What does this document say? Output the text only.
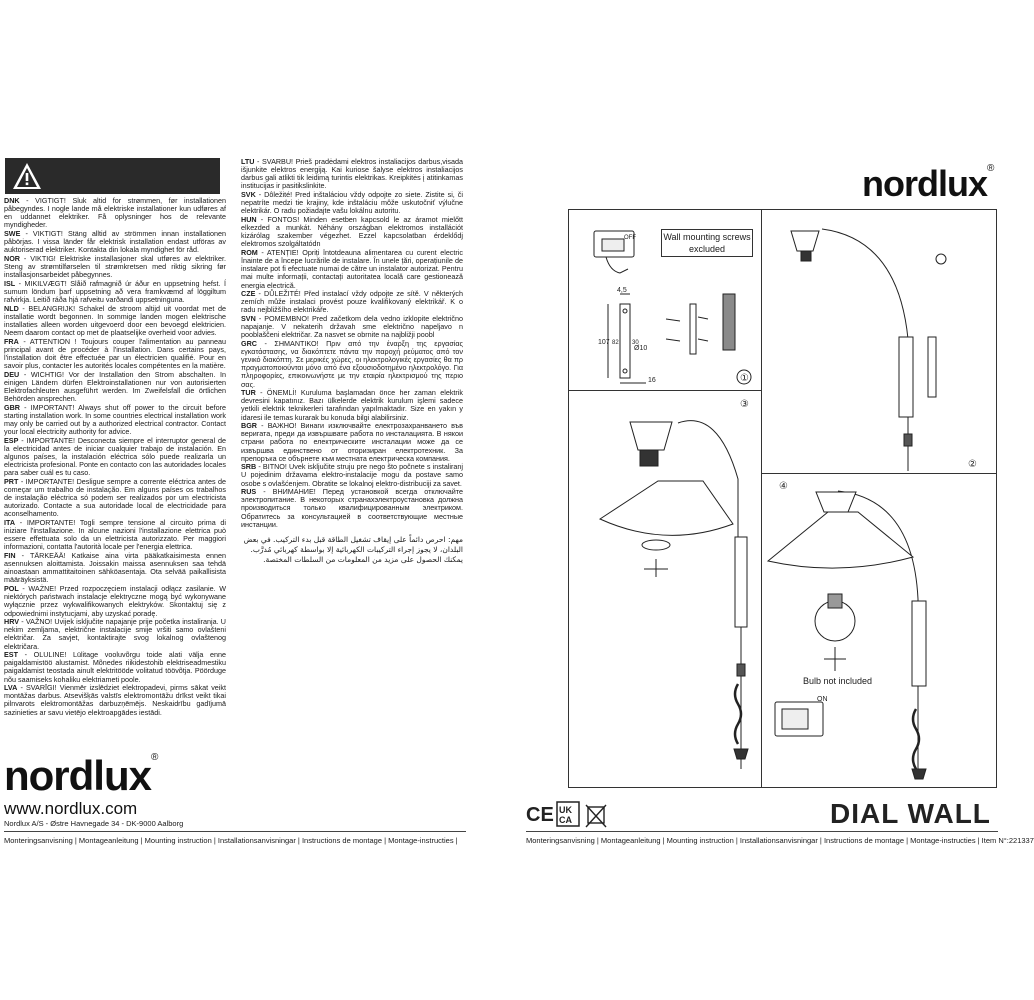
DNK - VIGTIGT! Sluk altid for strømmen, før installationen påbegyndes. I nogle lande må elektriske installationer kun udføres af en uddannet elektriker. Få oplysninger hos de relevante myndigheder.

SWE - VIKTIGT! Stäng alltid av strömmen innan installationen påbörjas. I vissa länder får elektrisk installation endast utföras av auktoriserad elektriker. Kontakta din lokala myndighet för råd.

NOR - VIKTIG! Elektriske installasjoner skal utføres av elektriker. Steng av strømtilførselen til strømkretsen med riktig sikring før installasjonsarbeidet påbegynnes.

ISL - MIKILVÆGT! Slåið rafmagnið úr áður en uppsetning hefst. Í sumum löndum þarf uppsetning að vera framkvæmd af löggiltum rafvirkja. Leitið ráða hjá rafveitu varðandi uppsetninguna.

NLD - BELANGRIJK! Schakel de stroom altijd uit voordat met de installatie wordt begonnen. In sommige landen mogen elektrische installaties alleen worden uitgevoerd door een bevoegd elektricien. Neem daarom contact op met de plaatselijke overheid voor advies.

FRA - ATTENTION ! Toujours couper l'alimentation au panneau principal avant de procéder à l'installation. Dans certains pays, l'installation doit être effectuée par un électricien qualifié. Pour en savoir plus, contacter les autorités locales compétentes en la matière.

DEU - WICHTIG! Vor der Installation den Strom abschalten. In einigen Ländern dürfen Elektroinstallationen nur von autorisierten Elektrofachleuten ausgeführt werden. Im Zweifelsfall die örtlichen Behörden ansprechen.

GBR - IMPORTANT! Always shut off power to the circuit before starting installation work. In some countries electrical installation work may only be carried out by a authorized electrical contractor. Contact your local electricity authority for advice.

ESP - IMPORTANTE! Desconecta siempre el interruptor general de la electricidad antes de iniciar cualquier trabajo de instalación. En algunos países, la instalación eléctrica sólo puede realizarla un electricista profesional. Ponte en contacto con las autoridades locales para saber cuál es tu caso.

PRT - IMPORTANTE! Desligue sempre a corrente eléctrica antes de começar um trabalho de instalação. Em alguns países os trabalhos de instalação eléctrica só podem ser realizados por um electricista autorizado. Contacte a sua autoridade local de electricidade para aconselhamento.

ITA - IMPORTANTE! Togli sempre tensione al circuito prima di iniziare l'installazione. In alcune nazioni l'installazione elettrica può essere effettuata solo da un elettricista autorizzato. Per maggiori informazioni, contatta l'autorità locale per l'energia elettrica.

FIN - TÄRKEÄÄ! Katkaise aina virta pääkatkaisimesta ennen asennuksen aloittamista. Joissakin maissa asennuksen saa tehdä ainoastaan ammattitaitoinen sähköasentaja. Ota selvää paikallisista määräyksistä.

POL - WAŻNE! Przed rozpoczęciem instalacji odłącz zasilanie. W niektórych państwach instalacje elektryczne mogą być wykonywane wyłącznie przez wykwalifikowanych elektryków. Skontaktuj się z odpowiednimi instytucjami, aby uzyskać poradę.

HRV - VAŽNO! Uvijek isključite napajanje prije početka instaliranja. U nekim zemljama, električne instalacije smije vršiti samo ovlašteni električar. Za savjet, kontaktirajte svog lokalnog ovlaštenog električara.

EST - OLULINE! Lülitage vooluvõrgu toide alati välja enne paigaldamistöö alustamist. Mõnedes riikidestohib elektriseadmestiku paigaldamist teostada ainult elektritööde volitatud töövõtja. Pöörduge nõu saamiseks kohaliku elektriameti poole.

LVA - SVARĪGI! Vienmēr izslēdziet elektropadevi, pirms sākat veikt montāžas darbus. Atsevišķās valstīs elektromontāžu drīkst veikt tikai pilnvarots elektromontāžas darbuzņēmējs. Neskaidrību gadījumā sazinieties ar savu vietējo elektroapgādes iestādi.

LTU - SVARBU! Prieš pradėdami elektros instaliacijos darbus,visada išjunkite elektros energiją. Kai kuriose šalyse elektros instaliacijos darbus gali atlikti tik leidimą turintis elektrikas. Kreipkitės į atitinkamas institucijas ir pasitikslinkite.

SVK - Dôležité! Pred inštaláciou vždy odpojte zo siete. Zistite si, či nepatríte medzi tie krajiny, kde inštaláciu môže uskutočniť výlučne elektrikár. O radu požiadajte vašu lokálnu autoritu.

HUN - FONTOS! Minden esetben kapcsold le az áramot mielőtt elkezded a munkát. Néhány országban elektromos installációt kizárólag szakember végezhet. Ezzel kapcsolatban érdeklődj elektromos szolgáltatódn

ROM - ATENȚIE! Opriți întotdeauna alimentarea cu curent electric înainte de a începe lucrările de instalare. În unele țări, operațiunile de instalare pot fi efectuate numai de către un instalator autorizat. Pentru mai multe informații, contactați autoritatea locală care gestionează energia electrică.

CZE - DŮLEŽITÉ! Před instalací vždy odpojte ze sítě. V některých zemích může instalaci provést pouze kvalifikovaný elektrikář. K o radu nejbližšího elektrikáře.

SVN - POMEMBNO! Pred začetkom dela vedno izklopite električno napajanje. V nekaterih državah sme električno napeljavo n pooblaščeni električar. Za nasvet se obrnite na najbližji poobl

GRC - ΣΗΜΑΝΤΙΚΟ! Πριν από την έναρξη της εργασίας εγκατάστασης, να διακόπτετε πάντα την παροχή ρεύματος από τον γενικό διακόπτη. Σε μερικές χώρες, οι ηλεκτρολογικές εργασίες θα πρ πραγματοποιούνται μόνο από ένα εξουσιοδοτημένο ηλεκτρολόγο. Για πληροφορίες, επικοινωνήστε με την εταιρία ηλεκτρισμού της περιο σας.

TUR - ÖNEMLİ! Kuruluma başlamadan önce her zaman elektrik devresini kapatınız. Bazı ülkelerde elektrik kurulum işlemi sadece yetkili elektrik teknikerleri tarafından yapılmaktadır. Size en yakın y idaresi ile temas kurarak bu konuda bilgi alabilirsiniz.

BGR - ВАЖНО! Винаги изключвайте електрозахранването във веригата, преди да извършвате работа по инсталацията. В някои страни работа по електрическите инсталации може да се извършва единствено от оторизиран електротехник. За препоръка се обърнете към местната електрическа компания.

SRB - BITNO! Uvek isključite struju pre nego što počnete s instaliranj U pojedinim državama elektro-instalacije mogu da postave samo osobe s ovlašćenjem. Obratite se lokalnoj elektro-distribuciji za savet.

RUS - ВНИМАНИЕ! Перед установкой всегда отключайте электропитание. В некоторых странахэлектроустановка должна производиться только квалифицированным электриком. Обратитесь за консультацией в соответствующие местные инстанции.

مهم: احرص دائماً على إيقاف تشغيل الطاقة قبل بدء التركيب. في بعض البلدان، لا يجوز إجراء التركيبات الكهربائية إلا بواسطة كهربائي مُدرَّب. يمكنك الحصول على مزيد من المعلومات من السلطات المختصة.
nordlux®
www.nordlux.com
Nordlux A/S - Østre Havnegade 34 - DK-9000 Aalborg
Monteringsanvisning | Montageanleitung | Mounting instruction | Installationsanvisningar | Instructions de montage | Montage-instructies |
nordlux®
OFF
4,5
107 82 30
Ø10
16	①
②
③
ON
④
Wall mounting screws excluded
Bulb not included
CE UK
CA	DIAL WALL
Monteringsanvisning | Montageanleitung | Mounting instruction | Installationsanvisningar | Instructions de montage | Montage-instructies | Item N°:221337
